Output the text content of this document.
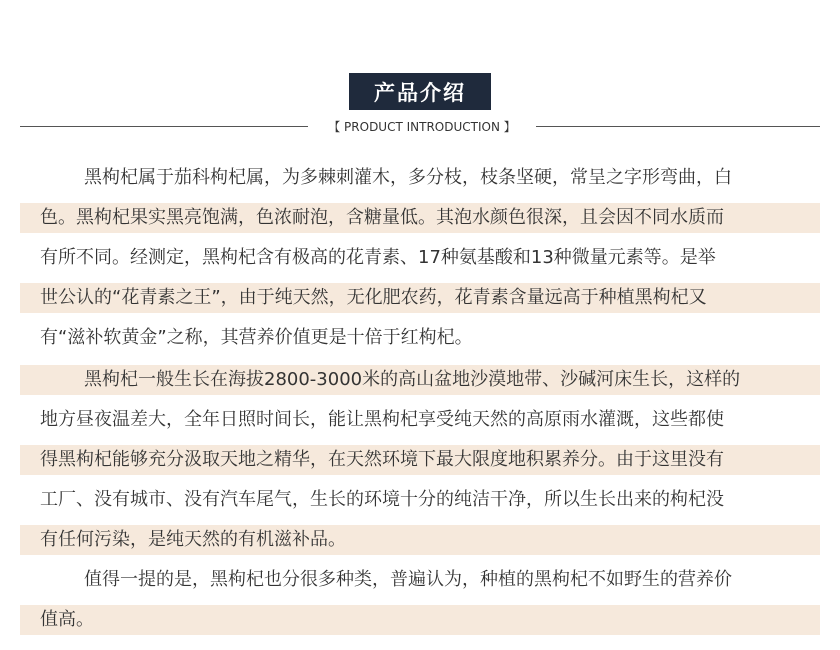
产品介绍
【 PRODUCT INTRODUCTION 】
黑枸杞属于茄科枸杞属，为多棘刺灌木，多分枝，枝条坚硬，常呈之字形弯曲，白
色。黑枸杞果实黑亮饱满，色浓耐泡，含糖量低。其泡水颜色很深，且会因不同水质而
有所不同。经测定，黑枸杞含有极高的花青素、17种氨基酸和13种微量元素等。是举
世公认的“花青素之王”，由于纯天然，无化肥农药，花青素含量远高于种植黑枸杞又
有“滋补软黄金”之称，其营养价值更是十倍于红枸杞。
黑枸杞一般生长在海拔2800-3000米的高山盆地沙漠地带、沙碱河床生长，这样的
地方昼夜温差大，全年日照时间长，能让黑枸杞享受纯天然的高原雨水灌溉，这些都使
得黑枸杞能够充分汲取天地之精华，在天然环境下最大限度地积累养分。由于这里没有
工厂、没有城市、没有汽车尾气，生长的环境十分的纯洁干净，所以生长出来的枸杞没
有任何污染，是纯天然的有机滋补品。
值得一提的是，黑枸杞也分很多种类，普遍认为，种植的黑枸杞不如野生的营养价
值高。
